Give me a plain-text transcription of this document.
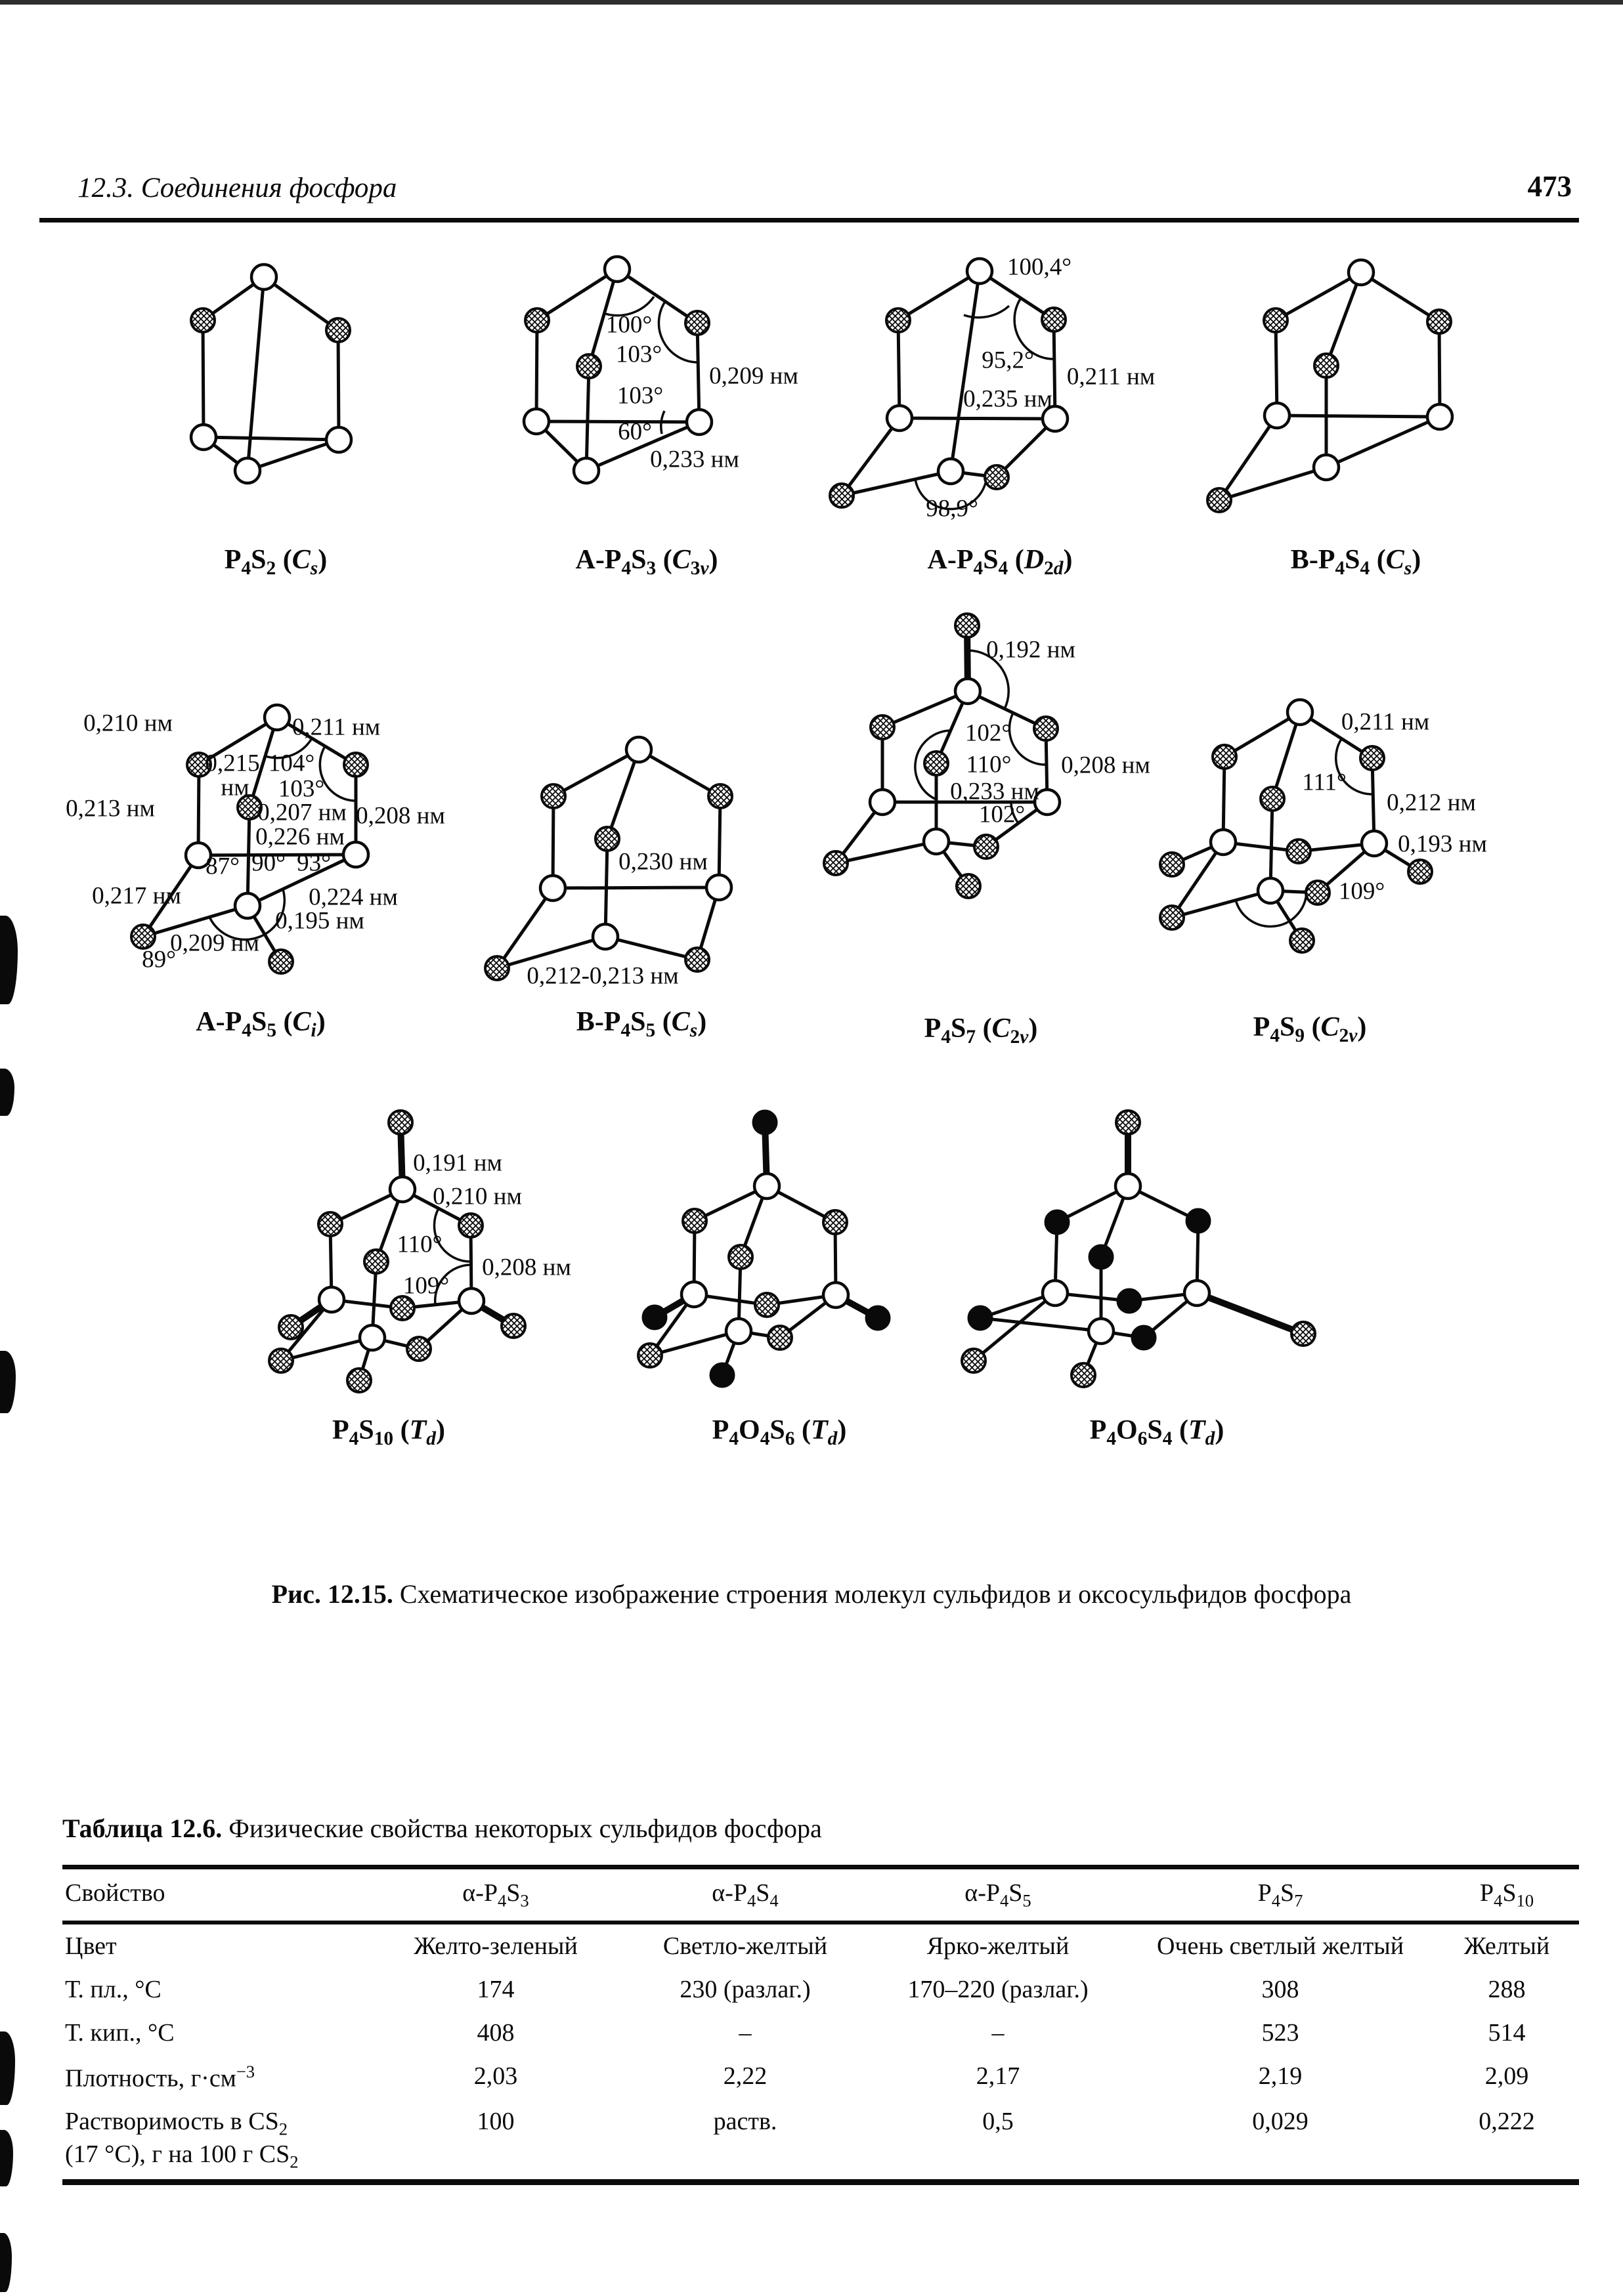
12.3. Соединения фосфора	473
100°
103°
103°
60°
0,209 нм
0,233 нм
100,4°
95,2°
0,211 нм
0,235 нм
98,9°
0,210 нм	0,211 нм
0,215
нм
104°
103°
0,213 нм	0,207 нм
0,226 нм
0,208 нм
87° 90° 93°
0,217 нм	0,224 нм
0,195 нм
0,209 нм
89°
0,230 нм
0,212-0,213 нм
0,192 нм
102°
110° 0,208 нм
0,233 нм
102°
0,211 нм
111°
0,212 нм
0,193 нм
109°
0,191 нм
0,210 нм
110°
0,208 нм
109°
$P_4S_2$ $(C_s)$	$A-P_4S_3$ $(C_{3v})$	$A-P_4S_4$ $(D_{2d})$	$B-P_4S_4$ $(C_s)$
$A-P_4S_5$ $(C_i)$	$B-P_4S_5$ $(C_s)$	$P_4S_7$ $(C_{2v})$	$P_4S_9$ $(C_{2v})$
$P_4S_{10}$ $(T_d)$	$P_4O_4S_6$ $(T_d)$	$P_4O_6S_4$ $(T_d)$
Рис. 12.15. Схематическое изображение строения молекул сульфидов и оксосульфидов фосфора
Таблица 12.6. Физические свойства некоторых сульфидов фосфора
Свойство	$\alpha-P_4S_3$	$\alpha-P_4S_4$	$\alpha-P_4S_5$	$P_4S_7$	$P_4S_{10}$
Цвет	Желто-зеленый	Светло-желтый	Ярко-желтый	Очень светлый желтый	Желтый
Т. пл., °С	174	230 (разлаг.)	170–220 (разлаг.)	308	288
Т. кип., °С	408	–	–	523	514
Плотность, $г\cdot см^{-3}$	2,03	2,22	2,17	2,19	2,09
Растворимость в $CS_2$
(17 °С), г на 100 г $CS_2$	100	раств.	0,5	0,029	0,222
